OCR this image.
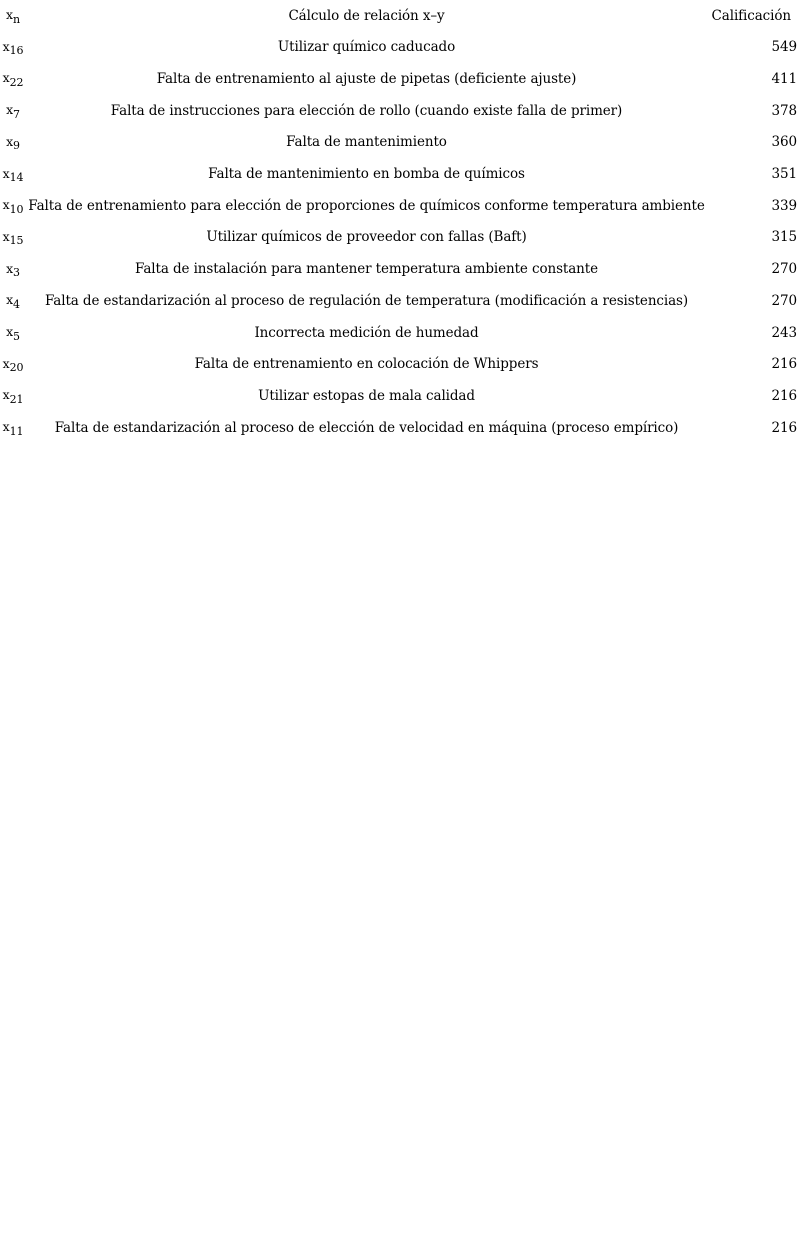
$x_n$	Cálculo de relación x–y	Calificación
$x_{16}$	Utilizar químico caducado	549
$x_{22}$	Falta de entrenamiento al ajuste de pipetas (deficiente ajuste)	411
$x_7$	Falta de instrucciones para elección de rollo (cuando existe falla de primer)	378
$x_9$	Falta de mantenimiento	360
$x_{14}$	Falta de mantenimiento en bomba de químicos	351
$x_{10}$	Falta de entrenamiento para elección de proporciones de químicos conforme temperatura ambiente	339
$x_{15}$	Utilizar químicos de proveedor con fallas (Baft)	315
$x_3$	Falta de instalación para mantener temperatura ambiente constante	270
$x_4$	Falta de estandarización al proceso de regulación de temperatura (modificación a resistencias)	270
$x_5$	Incorrecta medición de humedad	243
$x_{20}$	Falta de entrenamiento en colocación de Whippers	216
$x_{21}$	Utilizar estopas de mala calidad	216
$x_{11}$	Falta de estandarización al proceso de elección de velocidad en máquina (proceso empírico)	216
